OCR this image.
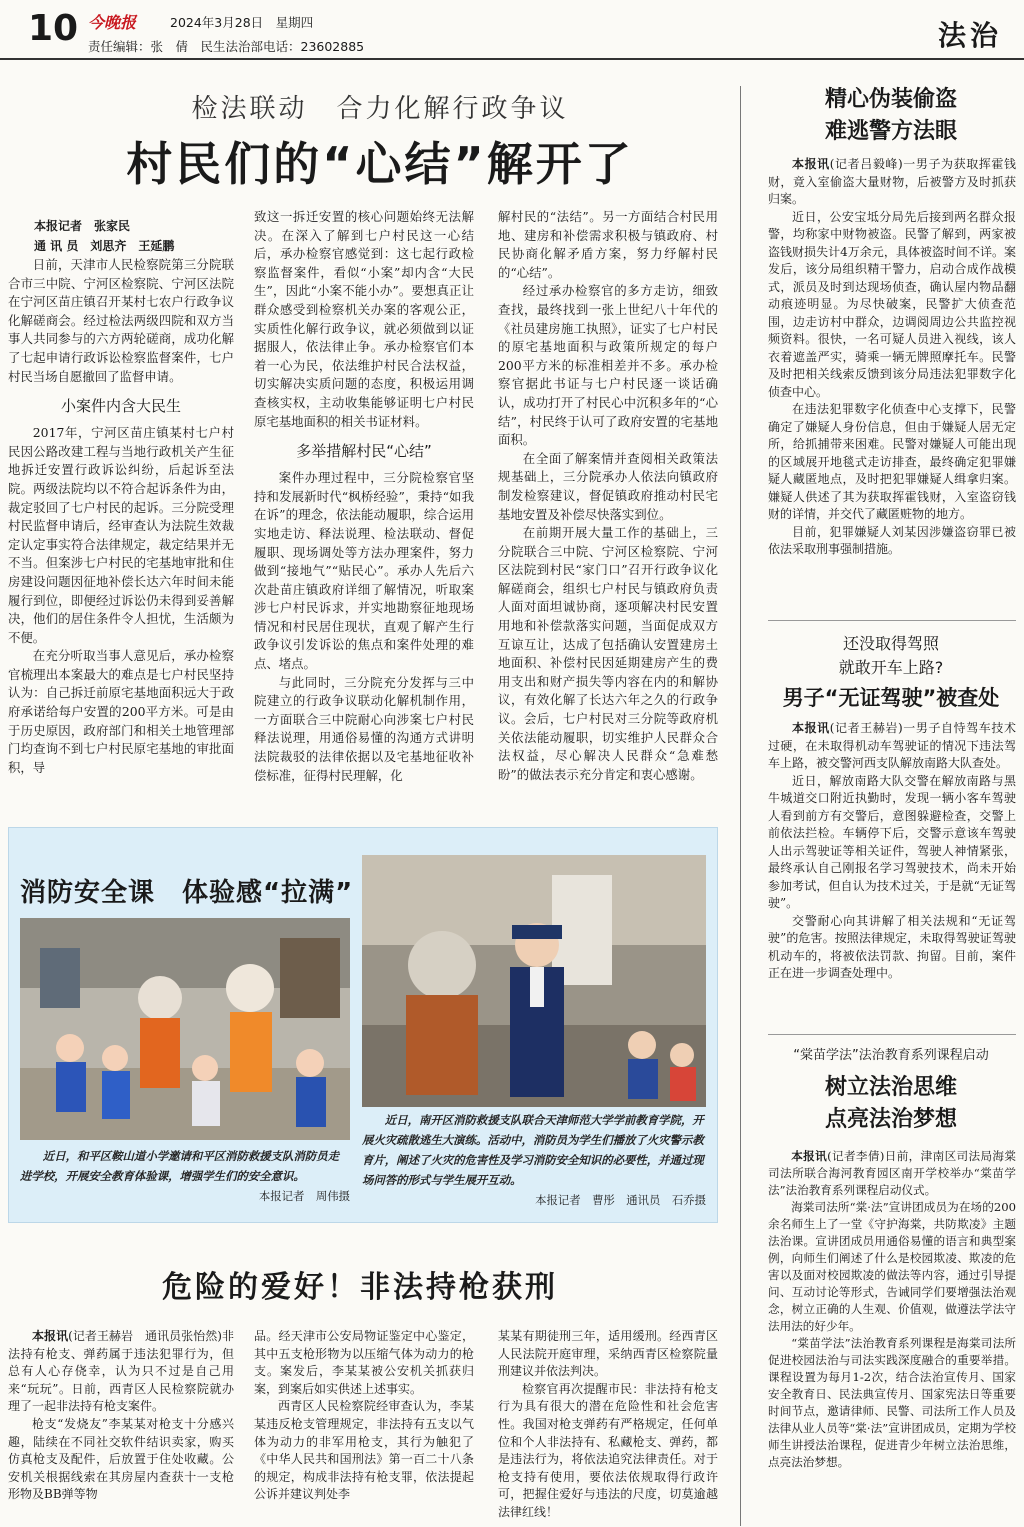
10 今晚报	2024年3月28日　星期四
责任编辑：张　倩　民生法治部电话：23602885	法治
检法联动　合力化解行政争议
村民们的“心结”解开了
本报记者　张家民
通 讯 员　刘思齐　王延鹏

日前，天津市人民检察院第三分院联合市三中院、宁河区检察院、宁河区法院在宁河区苗庄镇召开某村七农户行政争议化解磋商会。经过检法两级四院和双方当事人共同参与的六方两轮磋商，成功化解了七起申请行政诉讼检察监督案件，七户村民当场自愿撤回了监督申请。

小案件内含大民生

2017年，宁河区苗庄镇某村七户村民因公路改建工程与当地行政机关产生征地拆迁安置行政诉讼纠纷，后起诉至法院。两级法院均以不符合起诉条件为由，裁定驳回了七户村民的起诉。三分院受理村民监督申请后，经审查认为法院生效裁定认定事实符合法律规定，裁定结果并无不当。但案涉七户村民的宅基地审批和住房建设问题因征地补偿长达六年时间未能履行到位，即便经过诉讼仍未得到妥善解决，他们的居住条件令人担忧，生活颇为不便。

在充分听取当事人意见后，承办检察官梳理出本案最大的难点是七户村民坚持认为：自己拆迁前原宅基地面积远大于政府承诺给每户安置的200平方米。可是由于历史原因，政府部门和相关土地管理部门均查询不到七户村民原宅基地的审批面积，导

致这一拆迁安置的核心问题始终无法解决。在深入了解到七户村民这一心结后，承办检察官感觉到：这七起行政检察监督案件，看似“小案”却内含“大民生”，因此“小案不能小办”。要想真正让群众感受到检察机关办案的客观公正，实质性化解行政争议，就必须做到以证据服人，依法律止争。承办检察官们本着一心为民，依法维护村民合法权益，切实解决实质问题的态度，积极运用调查核实权，主动收集能够证明七户村民原宅基地面积的相关书证材料。

多举措解村民“心结”

案件办理过程中，三分院检察官坚持和发展新时代“枫桥经验”，秉持“如我在诉”的理念，依法能动履职，综合运用实地走访、释法说理、检法联动、督促履职、现场调处等方法办理案件，努力做到“接地气”“贴民心”。承办人先后六次赴苗庄镇政府详细了解情况，听取案涉七户村民诉求，并实地勘察征地现场情况和村民居住现状，直观了解产生行政争议引发诉讼的焦点和案件处理的难点、堵点。

与此同时，三分院充分发挥与三中院建立的行政争议联动化解机制作用，一方面联合三中院耐心向涉案七户村民释法说理，用通俗易懂的沟通方式讲明法院裁驳的法律依据以及宅基地征收补偿标准，征得村民理解，化

解村民的“法结”。另一方面结合村民用地、建房和补偿需求积极与镇政府、村民协商化解矛盾方案，努力纾解村民的“心结”。

经过承办检察官的多方走访，细致查找，最终找到一张上世纪八十年代的《社员建房施工执照》，证实了七户村民的原宅基地面积与政策所规定的每户200平方米的标准相差并不多。承办检察官据此书证与七户村民逐一谈话确认，成功打开了村民心中沉积多年的“心结”，村民终于认可了政府安置的宅基地面积。

在全面了解案情并查阅相关政策法规基础上，三分院承办人依法向镇政府制发检察建议，督促镇政府推动村民宅基地安置及补偿尽快落实到位。

在前期开展大量工作的基础上，三分院联合三中院、宁河区检察院、宁河区法院到村民“家门口”召开行政争议化解磋商会，组织七户村民与镇政府负责人面对面坦诚协商，逐项解决村民安置用地和补偿款落实问题，当面促成双方互谅互让，达成了包括确认安置建房土地面积、补偿村民因延期建房产生的费用支出和财产损失等内容在内的和解协议，有效化解了长达六年之久的行政争议。会后，七户村民对三分院等政府机关依法能动履职，切实维护人民群众合法权益，尽心解决人民群众“急难愁盼”的做法表示充分肯定和衷心感谢。

消防安全课　体验感“拉满”

近日，和平区鞍山道小学邀请和平区消防救援支队消防员走进学校，开展安全教育体验课，增强学生们的安全意识。

本报记者　周伟摄

近日，南开区消防救援支队联合天津师范大学学前教育学院，开展火灾疏散逃生大演练。活动中，消防员为学生们播放了火灾警示教育片，阐述了火灾的危害性及学习消防安全知识的必要性，并通过现场问答的形式与学生展开互动。

本报记者　曹彤　通讯员　石乔摄
危险的爱好！非法持枪获刑

本报讯(记者王赫岩　通讯员张怡然)非法持有枪支、弹药属于违法犯罪行为，但总有人心存侥幸，认为只不过是自己用来“玩玩”。日前，西青区人民检察院就办理了一起非法持有枪支案件。

枪支“发烧友”李某某对枪支十分感兴趣，陆续在不同社交软件结识卖家，购买仿真枪支及配件，后放置于住处收藏。公安机关根据线索在其房屋内查获十一支枪形物及BB弹等物

品。经天津市公安局物证鉴定中心鉴定，其中五支枪形物为以压缩气体为动力的枪支。案发后，李某某被公安机关抓获归案，到案后如实供述上述事实。

西青区人民检察院经审查认为，李某某违反枪支管理规定，非法持有五支以气体为动力的非军用枪支，其行为触犯了《中华人民共和国刑法》第一百二十八条的规定，构成非法持有枪支罪，依法提起公诉并建议判处李

某某有期徒刑三年，适用缓刑。经西青区人民法院开庭审理，采纳西青区检察院量刑建议并依法判决。

检察官再次提醒市民：非法持有枪支行为具有很大的潜在危险性和社会危害性。我国对枪支弹药有严格规定，任何单位和个人非法持有、私藏枪支、弹药，都是违法行为，将依法追究法律责任。对于枪支持有使用，要依法依规取得行政许可，把握住爱好与违法的尺度，切莫逾越法律红线！

精心伪装偷盗
难逃警方法眼

本报讯(记者吕毅峰)一男子为获取挥霍钱财，竟入室偷盗大量财物，后被警方及时抓获归案。

近日，公安宝坻分局先后接到两名群众报警，均称家中财物被盗。民警了解到，两家被盗钱财损失计4万余元，具体被盗时间不详。案发后，该分局组织精干警力，启动合成作战模式，派员及时到达现场侦查，确认屋内物品翻动痕迹明显。为尽快破案，民警扩大侦查范围，边走访村中群众，边调阅周边公共监控视频资料。很快，一名可疑人员进入视线，该人衣着遮盖严实，骑乘一辆无牌照摩托车。民警及时把相关线索反馈到该分局违法犯罪数字化侦查中心。

在违法犯罪数字化侦查中心支撑下，民警确定了嫌疑人身份信息，但由于嫌疑人居无定所，给抓捕带来困难。民警对嫌疑人可能出现的区域展开地毯式走访排查，最终确定犯罪嫌疑人藏匿地点，及时把犯罪嫌疑人缉拿归案。嫌疑人供述了其为获取挥霍钱财，入室盗窃钱财的详情，并交代了藏匿赃物的地方。

目前，犯罪嫌疑人刘某因涉嫌盗窃罪已被依法采取刑事强制措施。

还没取得驾照
就敢开车上路?
男子“无证驾驶”被查处

本报讯(记者王赫岩)一男子自恃驾车技术过硬，在未取得机动车驾驶证的情况下违法驾车上路，被交警河西支队解放南路大队查处。

近日，解放南路大队交警在解放南路与黑牛城道交口附近执勤时，发现一辆小客车驾驶人看到前方有交警后，意图躲避检查，交警上前依法拦检。车辆停下后，交警示意该车驾驶人出示驾驶证等相关证件，驾驶人神情紧张，最终承认自己刚报名学习驾驶技术，尚未开始参加考试，但自认为技术过关，于是就“无证驾驶”。

交警耐心向其讲解了相关法规和“无证驾驶”的危害。按照法律规定，未取得驾驶证驾驶机动车的，将被依法罚款、拘留。目前，案件正在进一步调查处理中。

“棠苗学法”法治教育系列课程启动
树立法治思维
点亮法治梦想

本报讯(记者李倩)日前，津南区司法局海棠司法所联合海河教育园区南开学校举办“棠苗学法”法治教育系列课程启动仪式。

海棠司法所“棠·法”宣讲团成员为在场的200余名师生上了一堂《守护海棠，共防欺凌》主题法治课。宣讲团成员用通俗易懂的语言和典型案例，向师生们阐述了什么是校园欺凌、欺凌的危害以及面对校园欺凌的做法等内容，通过引导提问、互动讨论等形式，告诫同学们要增强法治观念，树立正确的人生观、价值观，做遵法学法守法用法的好少年。

“棠苗学法”法治教育系列课程是海棠司法所促进校园法治与司法实践深度融合的重要举措。课程设置为每月1-2次，结合法治宣传月、国家安全教育日、民法典宣传月、国家宪法日等重要时间节点，邀请律师、民警、司法所工作人员及法律从业人员等“棠·法”宣讲团成员，定期为学校师生讲授法治课程，促进青少年树立法治思维，点亮法治梦想。
